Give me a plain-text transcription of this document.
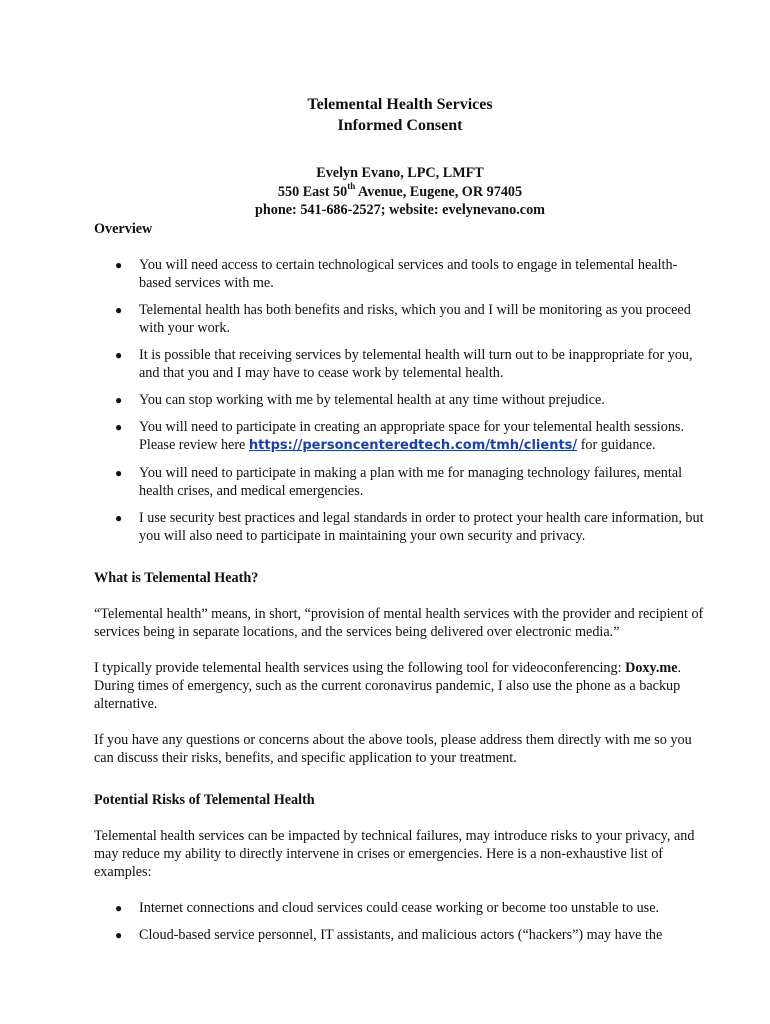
Telemental Health Services

Informed Consent

Evelyn Evano, LPC, LMFT
550 East 50th Avenue, Eugene, OR 97405
phone: 541-686-2527; website: evelynevano.com
Overview
● You will need access to certain technological services and tools to engage in telemental health-based services with me.
● Telemental health has both benefits and risks, which you and I will be monitoring as you proceed with your work.
● It is possible that receiving services by telemental health will turn out to be inappropriate for you, and that you and I may have to cease work by telemental health.
● You can stop working with me by telemental health at any time without prejudice.
● You will need to participate in creating an appropriate space for your telemental health sessions. Please review here https://personcenteredtech.com/tmh/clients/ for guidance.
● You will need to participate in making a plan with me for managing technology failures, mental health crises, and medical emergencies.
● I use security best practices and legal standards in order to protect your health care information, but you will also need to participate in maintaining your own security and privacy.
What is Telemental Heath?

“Telemental health” means, in short, “provision of mental health services with the provider and recipient of services being in separate locations, and the services being delivered over electronic media.”

I typically provide telemental health services using the following tool for videoconferencing: Doxy.me. During times of emergency, such as the current coronavirus pandemic, I also use the phone as a backup alternative.

If you have any questions or concerns about the above tools, please address them directly with me so you can discuss their risks, benefits, and specific application to your treatment.

Potential Risks of Telemental Health

Telemental health services can be impacted by technical failures, may introduce risks to your privacy, and may reduce my ability to directly intervene in crises or emergencies. Here is a non-exhaustive list of examples:

● Internet connections and cloud services could cease working or become too unstable to use.
● Cloud-based service personnel, IT assistants, and malicious actors (“hackers”) may have the
